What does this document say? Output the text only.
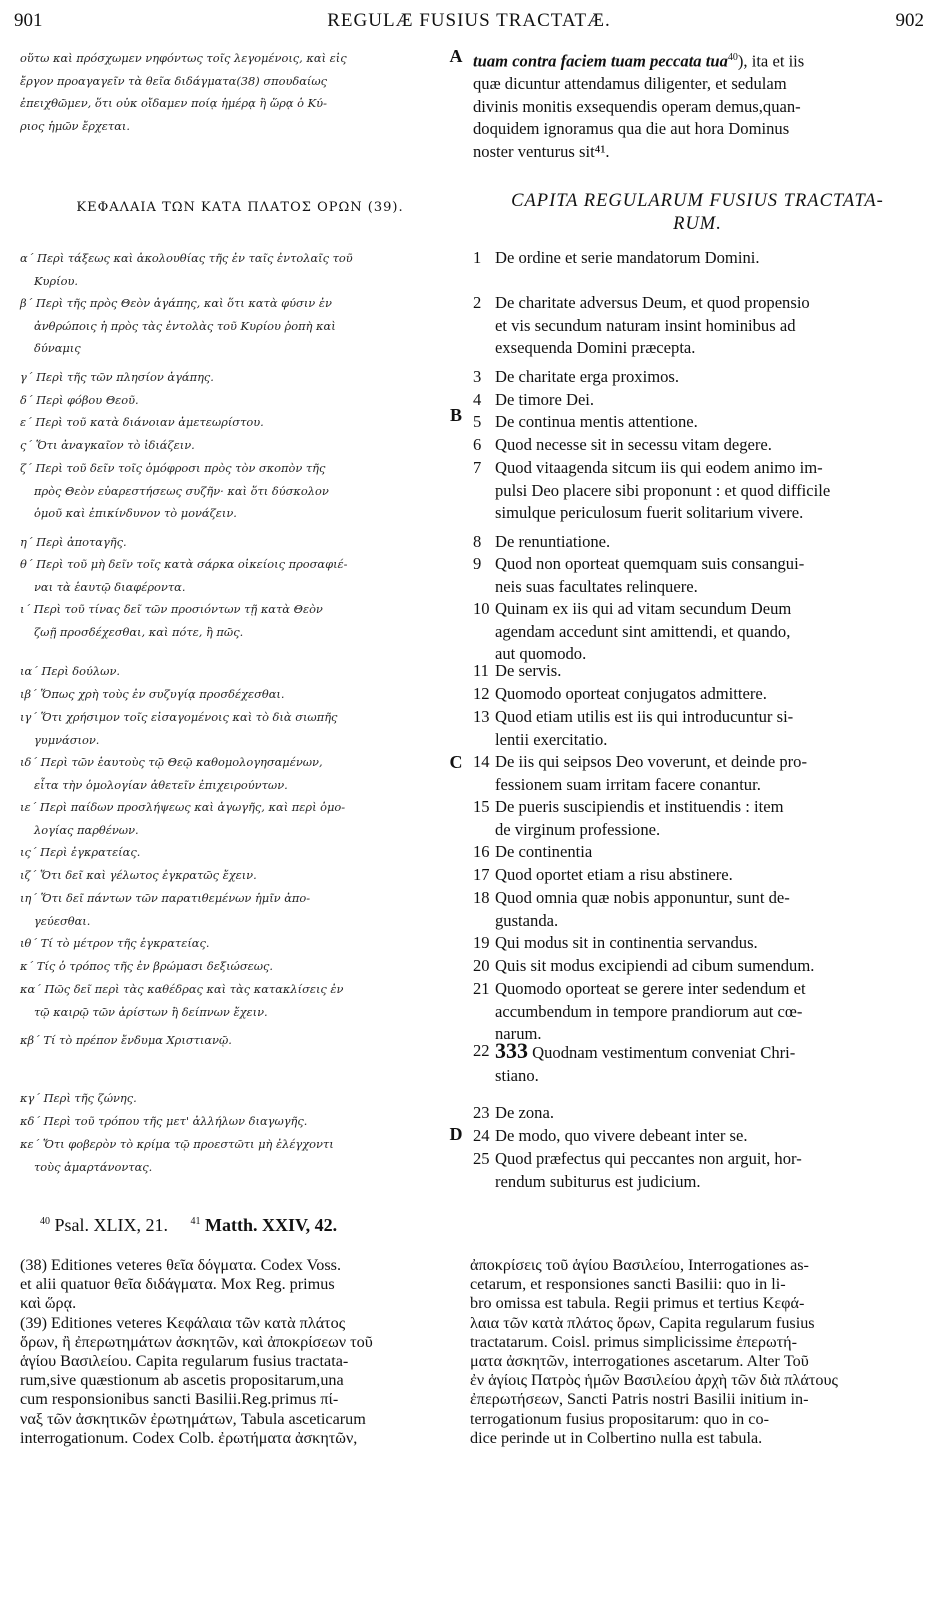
901	REGULÆ FUSIUS TRACTATÆ.	902
οὕτω καὶ πρόσχωμεν νηφόντως τοῖς λεγομένοις, καὶ εἰς
ἔργον προαγαγεῖν τὰ θεῖα διδάγματα(38) σπουδαίως
ἐπειχθῶμεν, ὅτι οὐκ οἴδαμεν ποίᾳ ἡμέρᾳ ἢ ὥρᾳ ὁ Κύ-
ριος ἡμῶν ἔρχεται.
tuam contra faciem tuam peccata tua$^{40}$), ita et iis
quæ dicuntur attendamus diligenter, et sedulam
divinis monitis exsequendis operam demus,quan-
doquidem ignoramus qua die aut hora Dominus
noster venturus sit⁴¹.
A
B
C
D
ΚΕΦΑΛΑΙΑ ΤΩΝ ΚΑΤΑ ΠΛΑΤΟΣ ΟΡΩΝ (39).	CAPITA REGULARUM FUSIUS TRACTATA-
RUM.
α΄ Περὶ τάξεως καὶ ἀκολουθίας τῆς ἐν ταῖς ἐντολαῖς τοῦ
Κυρίου.
β΄ Περὶ τῆς πρὸς Θεὸν ἀγάπης, καὶ ὅτι κατὰ φύσιν ἐν
ἀνθρώποις ἡ πρὸς τὰς ἐντολὰς τοῦ Κυρίου ῥοπὴ καὶ
δύναμις
γ΄ Περὶ τῆς τῶν πλησίον ἀγάπης.
δ΄ Περὶ φόβου Θεοῦ.
ε΄ Περὶ τοῦ κατὰ διάνοιαν ἀμετεωρίστου.
ς΄ Ὅτι ἀναγκαῖον τὸ ἰδιάζειν.
ζ΄ Περὶ τοῦ δεῖν τοῖς ὁμόφροσι πρὸς τὸν σκοπὸν τῆς
πρὸς Θεὸν εὐαρεστήσεως συζῆν· καὶ ὅτι δύσκολον
ὁμοῦ καὶ ἐπικίνδυνον τὸ μονάζειν.
η΄ Περὶ ἀποταγῆς.
θ΄ Περὶ τοῦ μὴ δεῖν τοῖς κατὰ σάρκα οἰκείοις προσαφιέ-
ναι τὰ ἑαυτῷ διαφέροντα.
ι΄ Περὶ τοῦ τίνας δεῖ τῶν προσιόντων τῇ κατὰ Θεὸν
ζωῇ προσδέχεσθαι, καὶ πότε, ἢ πῶς.
ια΄ Περὶ δούλων.
ιβ΄ Ὅπως χρὴ τοὺς ἐν συζυγίᾳ προσδέχεσθαι.
ιγ΄ Ὅτι χρήσιμον τοῖς εἰσαγομένοις καὶ τὸ διὰ σιωπῆς
γυμνάσιον.
ιδ΄ Περὶ τῶν ἑαυτοὺς τῷ Θεῷ καθομολογησαμένων,
εἶτα τὴν ὁμολογίαν ἀθετεῖν ἐπιχειρούντων.
ιε΄ Περὶ παίδων προσλήψεως καὶ ἀγωγῆς, καὶ περὶ ὁμο-
λογίας παρθένων.
ις΄ Περὶ ἐγκρατείας.
ιζ΄ Ὅτι δεῖ καὶ γέλωτος ἐγκρατῶς ἔχειν.
ιη΄ Ὅτι δεῖ πάντων τῶν παρατιθεμένων ἡμῖν ἀπο-
γεύεσθαι.
ιθ΄ Τί τὸ μέτρον τῆς ἐγκρατείας.
κ΄ Τίς ὁ τρόπος τῆς ἐν βρώμασι δεξιώσεως.
κα΄ Πῶς δεῖ περὶ τὰς καθέδρας καὶ τὰς κατακλίσεις ἐν
τῷ καιρῷ τῶν ἀρίστων ἢ δείπνων ἔχειν.
κβ΄ Τί τὸ πρέπον ἔνδυμα Χριστιανῷ.
κγ΄ Περὶ τῆς ζώνης.
κδ΄ Περὶ τοῦ τρόπου τῆς μετ' ἀλλήλων διαγωγῆς.
κε΄ Ὅτι φοβερὸν τὸ κρίμα τῷ προεστῶτι μὴ ἐλέγχοντι
τοὺς ἁμαρτάνοντας.
1 De ordine et serie mandatorum Domini.
2 De charitate adversus Deum, et quod propensio
et vis secundum naturam insint hominibus ad
exsequenda Domini præcepta.
3 De charitate erga proximos.
4 De timore Dei.
5 De continua mentis attentione.
6 Quod necesse sit in secessu vitam degere.
7 Quod vitaagenda sitcum iis qui eodem animo im-
pulsi Deo placere sibi proponunt : et quod difficile
simulque periculosum fuerit solitarium vivere.
8 De renuntiatione.
9 Quod non oporteat quemquam suis consangui-
neis suas facultates relinquere.
10 Quinam ex iis qui ad vitam secundum Deum
agendam accedunt sint amittendi, et quando,
aut quomodo.
11 De servis.
12 Quomodo oporteat conjugatos admittere.
13 Quod etiam utilis est iis qui introducuntur si-
lentii exercitatio.
14 De iis qui seipsos Deo voverunt, et deinde pro-
fessionem suam irritam facere conantur.
15 De pueris suscipiendis et instituendis : item
de virginum professione.
16 De continentia
17 Quod oportet etiam a risu abstinere.
18 Quod omnia quæ nobis apponuntur, sunt de-
gustanda.
19 Qui modus sit in continentia servandus.
20 Quis sit modus excipiendi ad cibum sumendum.
21 Quomodo oporteat se gerere inter sedendum et
accumbendum in tempore prandiorum aut cœ-
narum.
22 333 Quodnam vestimentum conveniat Chri-
stiano.
23 De zona.
24 De modo, quo vivere debeant inter se.
25 Quod præfectus qui peccantes non arguit, hor-
rendum subiturus est judicium.
$^{40}$ Psal. XLIX, 21. $^{41}$ Matth. XXIV, 42.
(38) Editiones veteres θεῖα δόγματα. Codex Voss.
et alii quatuor θεῖα διδάγματα. Mox Reg. primus
καὶ ὥρᾳ.
(39) Editiones veteres Κεφάλαια τῶν κατὰ πλάτος
ὅρων, ἢ ἐπερωτημάτων ἀσκητῶν, καὶ ἀποκρίσεων τοῦ
ἁγίου Βασιλείου. Capita regularum fusius tractata-
rum,sive quæstionum ab ascetis propositarum,una
cum responsionibus sancti Basilii.Reg.primus πί-
ναξ τῶν ἀσκητικῶν ἐρωτημάτων, Tabula asceticarum
interrogationum. Codex Colb. ἐρωτήματα ἀσκητῶν,
ἀποκρίσεις τοῦ ἁγίου Βασιλείου, Interrogationes as-
cetarum, et responsiones sancti Basilii: quo in li-
bro omissa est tabula. Regii primus et tertius Κεφά-
λαια τῶν κατὰ πλάτος ὅρων, Capita regularum fusius
tractatarum. Coisl. primus simplicissime ἐπερωτή-
ματα ἀσκητῶν, interrogationes ascetarum. Alter Τοῦ
ἐν ἁγίοις Πατρὸς ἡμῶν Βασιλείου ἀρχὴ τῶν διὰ πλάτους
ἐπερωτήσεων, Sancti Patris nostri Basilii initium in-
terrogationum fusius propositarum: quo in co-
dice perinde ut in Colbertino nulla est tabula.
